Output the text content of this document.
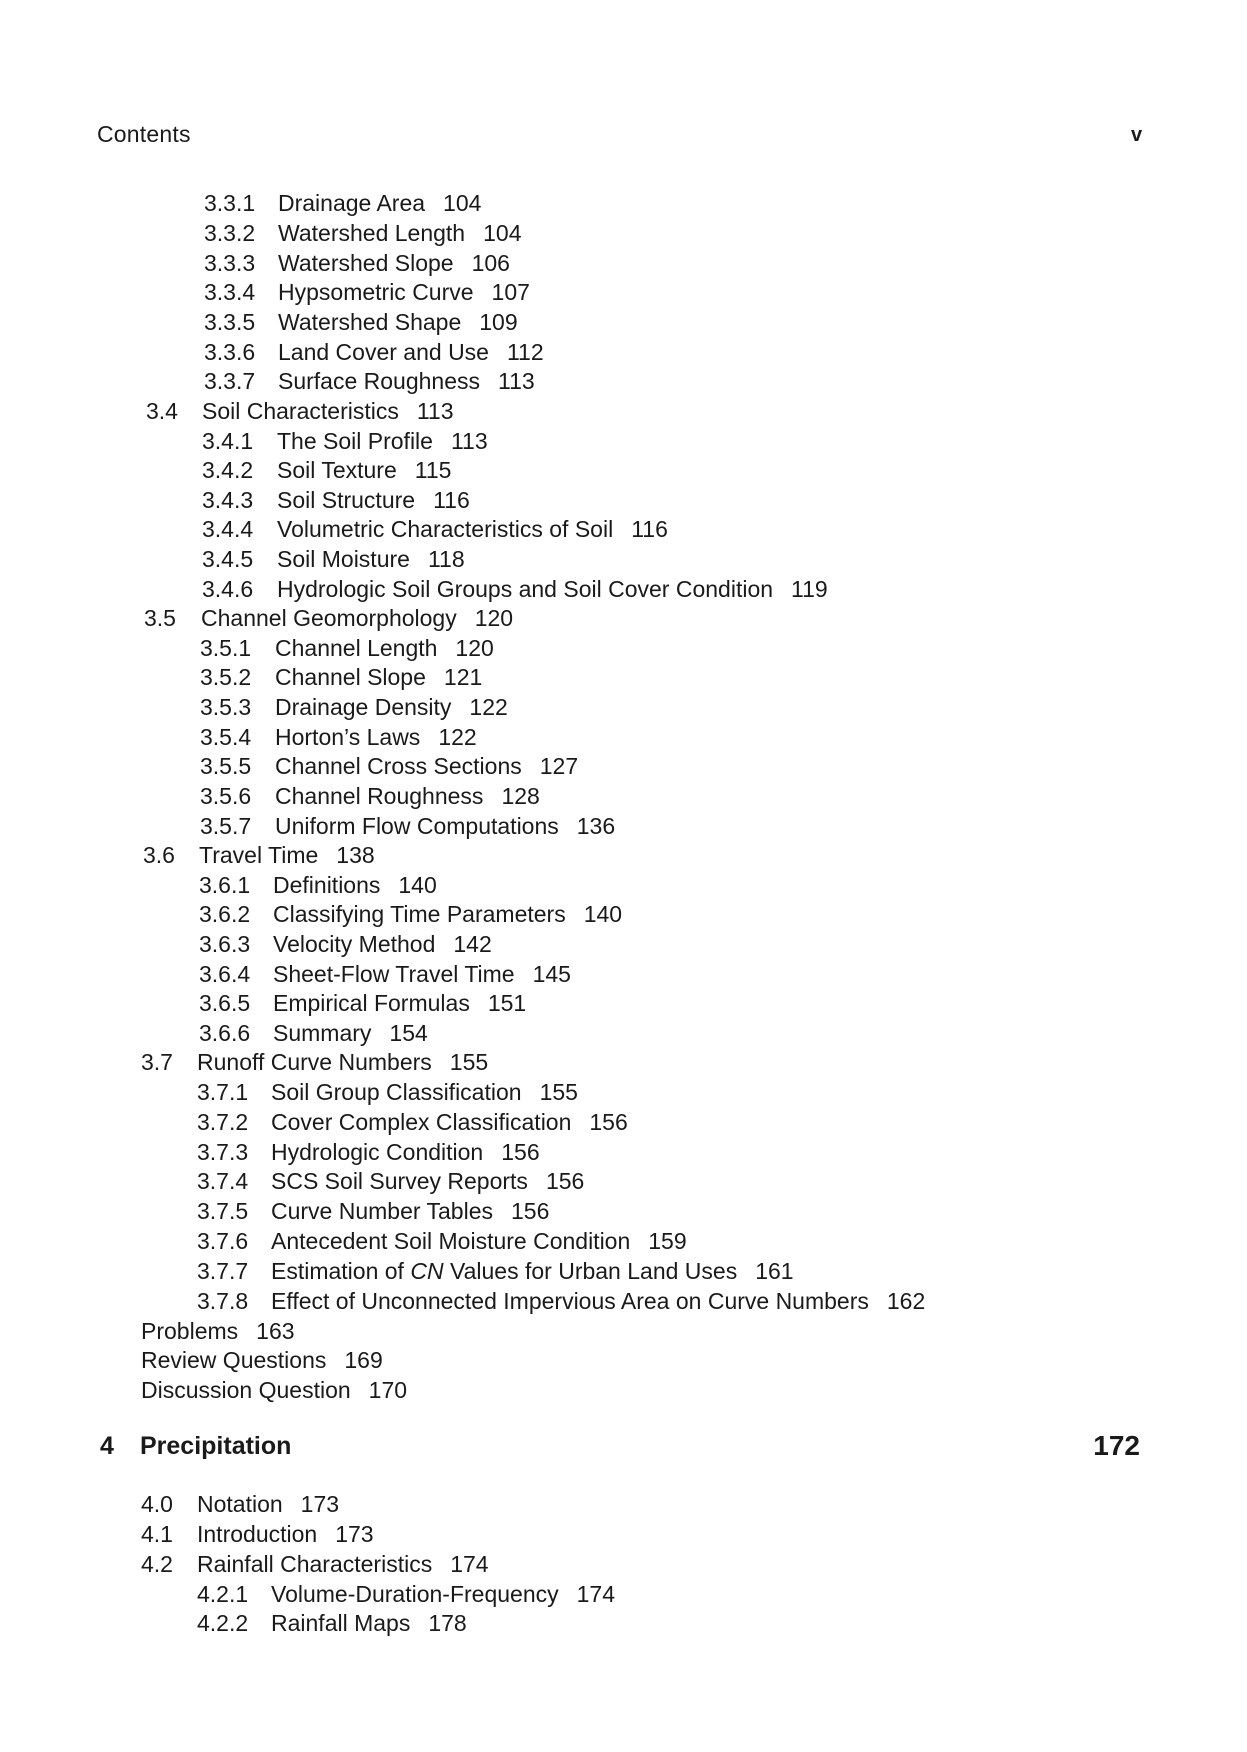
Contents	v
3.3.1 Drainage Area 104
3.3.2 Watershed Length 104
3.3.3 Watershed Slope 106
3.3.4 Hypsometric Curve 107
3.3.5 Watershed Shape 109
3.3.6 Land Cover and Use 112
3.3.7 Surface Roughness 113
3.4 Soil Characteristics 113
3.4.1 The Soil Profile 113
3.4.2 Soil Texture 115
3.4.3 Soil Structure 116
3.4.4 Volumetric Characteristics of Soil 116
3.4.5 Soil Moisture 118
3.4.6 Hydrologic Soil Groups and Soil Cover Condition 119
3.5 Channel Geomorphology 120
3.5.1 Channel Length 120
3.5.2 Channel Slope 121
3.5.3 Drainage Density 122
3.5.4 Horton’s Laws 122
3.5.5 Channel Cross Sections 127
3.5.6 Channel Roughness 128
3.5.7 Uniform Flow Computations 136
3.6 Travel Time 138
3.6.1 Definitions 140
3.6.2 Classifying Time Parameters 140
3.6.3 Velocity Method 142
3.6.4 Sheet-Flow Travel Time 145
3.6.5 Empirical Formulas 151
3.6.6 Summary 154
3.7 Runoff Curve Numbers 155
3.7.1 Soil Group Classification 155
3.7.2 Cover Complex Classification 156
3.7.3 Hydrologic Condition 156
3.7.4 SCS Soil Survey Reports 156
3.7.5 Curve Number Tables 156
3.7.6 Antecedent Soil Moisture Condition 159
3.7.7 Estimation of CN Values for Urban Land Uses 161
3.7.8 Effect of Unconnected Impervious Area on Curve Numbers 162
Problems 163
Review Questions 169
Discussion Question 170
4.0 Notation 173
4.1 Introduction 173
4.2 Rainfall Characteristics 174
4.2.1 Volume-Duration-Frequency 174
4.2.2 Rainfall Maps 178
4 Precipitation	172
